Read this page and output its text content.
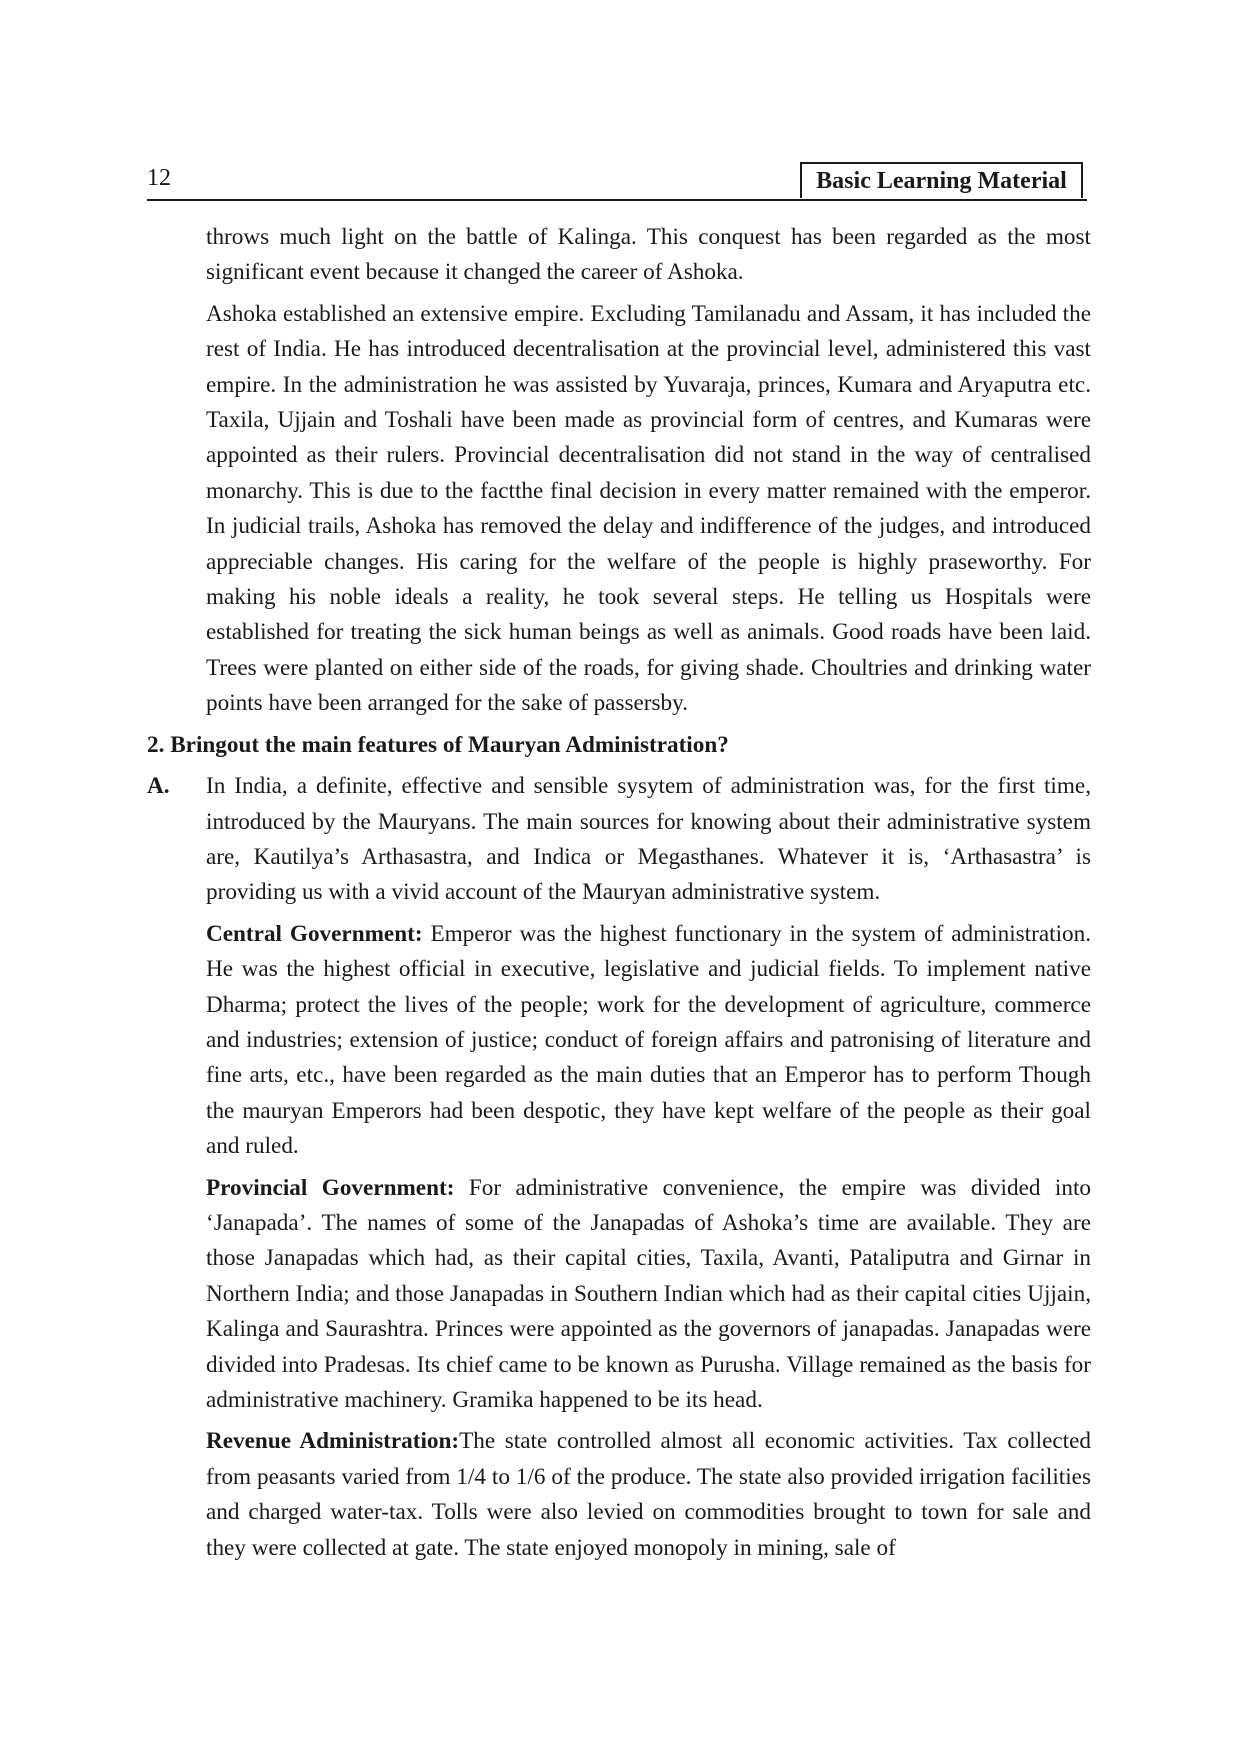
12	Basic Learning Material

throws much light on the battle of Kalinga. This conquest has been regarded as the most significant event because it changed the career of Ashoka.

Ashoka established an extensive empire. Excluding Tamilanadu and Assam, it has included the rest of India. He has introduced decentralisation at the provincial level, administered this vast empire. In the administration he was assisted by Yuvaraja, princes, Kumara and Aryaputra etc. Taxila, Ujjain and Toshali have been made as provincial form of centres, and Kumaras were appointed as their rulers. Provincial decentralisation did not stand in the way of centralised monarchy. This is due to the factthe final decision in every matter remained with the emperor. In judicial trails, Ashoka has removed the delay and indifference of the judges, and introduced appreciable changes. His caring for the welfare of the people is highly praseworthy. For making his noble ideals a reality, he took several steps. He telling us Hospitals were established for treating the sick human beings as well as animals. Good roads have been laid. Trees were planted on either side of the roads, for giving shade. Choultries and drinking water points have been arranged for the sake of passersby.

2. Bringout the main features of Mauryan Administration?

A. In India, a definite, effective and sensible sysytem of administration was, for the first time, introduced by the Mauryans. The main sources for knowing about their administrative system are, Kautilya’s Arthasastra, and Indica or Megasthanes. Whatever it is, ‘Arthasastra’ is providing us with a vivid account of the Mauryan administrative system.

Central Government: Emperor was the highest functionary in the system of administration. He was the highest official in executive, legislative and judicial fields. To implement native Dharma; protect the lives of the people; work for the development of agriculture, commerce and industries; extension of justice; conduct of foreign affairs and patronising of literature and fine arts, etc., have been regarded as the main duties that an Emperor has to perform Though the mauryan Emperors had been despotic, they have kept welfare of the people as their goal and ruled.

Provincial Government: For administrative convenience, the empire was divided into ‘Janapada’. The names of some of the Janapadas of Ashoka’s time are available. They are those Janapadas which had, as their capital cities, Taxila, Avanti, Pataliputra and Girnar in Northern India; and those Janapadas in Southern Indian which had as their capital cities Ujjain, Kalinga and Saurashtra. Princes were appointed as the governors of janapadas. Janapadas were divided into Pradesas. Its chief came to be known as Purusha. Village remained as the basis for administrative machinery. Gramika happened to be its head.

Revenue Administration:The state controlled almost all economic activities. Tax collected from peasants varied from 1/4 to 1/6 of the produce. The state also provided irrigation facilities and charged water-tax. Tolls were also levied on commodities brought to town for sale and they were collected at gate. The state enjoyed monopoly in mining, sale of
